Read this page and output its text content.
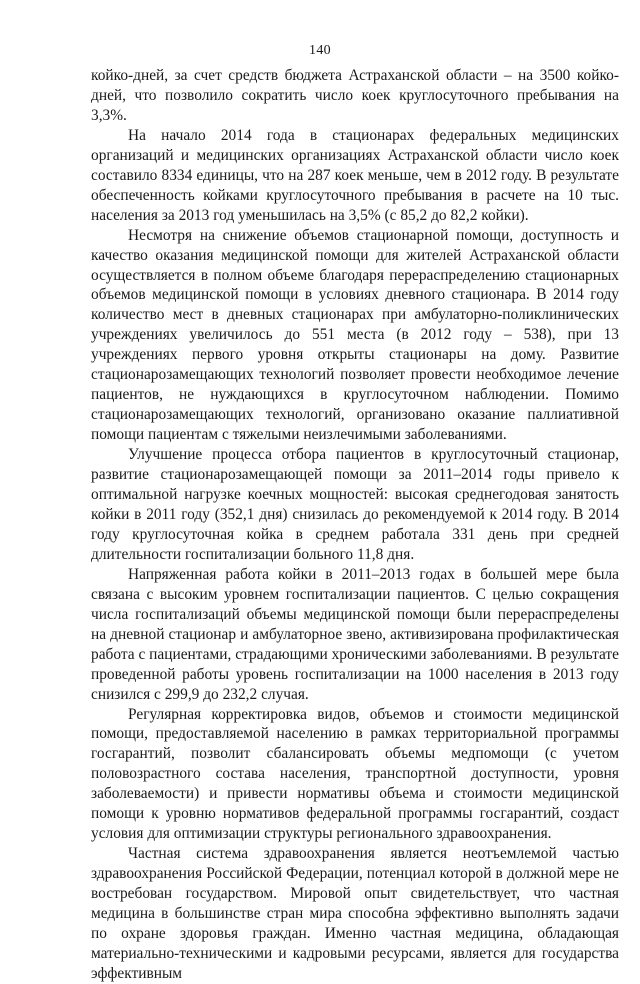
140

койко-дней, за счет средств бюджета Астраханской области – на 3500 койко-дней, что позволило сократить число коек круглосуточного пребывания на 3,3%.

На начало 2014 года в стационарах федеральных медицинских организаций и медицинских организациях Астраханской области число коек составило 8334 единицы, что на 287 коек меньше, чем в 2012 году. В результате обеспеченность койками круглосуточного пребывания в расчете на 10 тыс. населения за 2013 год уменьшилась на 3,5% (с 85,2 до 82,2 койки).

Несмотря на снижение объемов стационарной помощи, доступность и качество оказания медицинской помощи для жителей Астраханской области осуществляется в полном объеме благодаря перераспределению стационарных объемов медицинской помощи в условиях дневного стационара. В 2014 году количество мест в дневных стационарах при амбулаторно-поликлинических учреждениях увеличилось до 551 места (в 2012 году – 538), при 13 учреждениях первого уровня открыты стационары на дому. Развитие стационарозамещающих технологий позволяет провести необходимое лечение пациентов, не нуждающихся в круглосуточном наблюдении. Помимо стационарозамещающих технологий, организовано оказание паллиативной помощи пациентам с тяжелыми неизлечимыми заболеваниями.

Улучшение процесса отбора пациентов в круглосуточный стационар, развитие стационарозамещающей помощи за 2011–2014 годы привело к оптимальной нагрузке коечных мощностей: высокая среднегодовая занятость койки в 2011 году (352,1 дня) снизилась до рекомендуемой к 2014 году. В 2014 году круглосуточная койка в среднем работала 331 день при средней длительности госпитализации больного 11,8 дня.

Напряженная работа койки в 2011–2013 годах в большей мере была связана с высоким уровнем госпитализации пациентов. С целью сокращения числа госпитализаций объемы медицинской помощи были перераспределены на дневной стационар и амбулаторное звено, активизирована профилактическая работа с пациентами, страдающими хроническими заболеваниями. В результате проведенной работы уровень госпитализации на 1000 населения в 2013 году снизился с 299,9 до 232,2 случая.

Регулярная корректировка видов, объемов и стоимости медицинской помощи, предоставляемой населению в рамках территориальной программы госгарантий, позволит сбалансировать объемы медпомощи (с учетом половозрастного состава населения, транспортной доступности, уровня заболеваемости) и привести нормативы объема и стоимости медицинской помощи к уровню нормативов федеральной программы госгарантий, создаст условия для оптимизации структуры регионального здравоохранения.

Частная система здравоохранения является неотъемлемой частью здравоохранения Российской Федерации, потенциал которой в должной мере не востребован государством. Мировой опыт свидетельствует, что частная медицина в большинстве стран мира способна эффективно выполнять задачи по охране здоровья граждан. Именно частная медицина, обладающая материально-техническими и кадровыми ресурсами, является для государства эффективным
